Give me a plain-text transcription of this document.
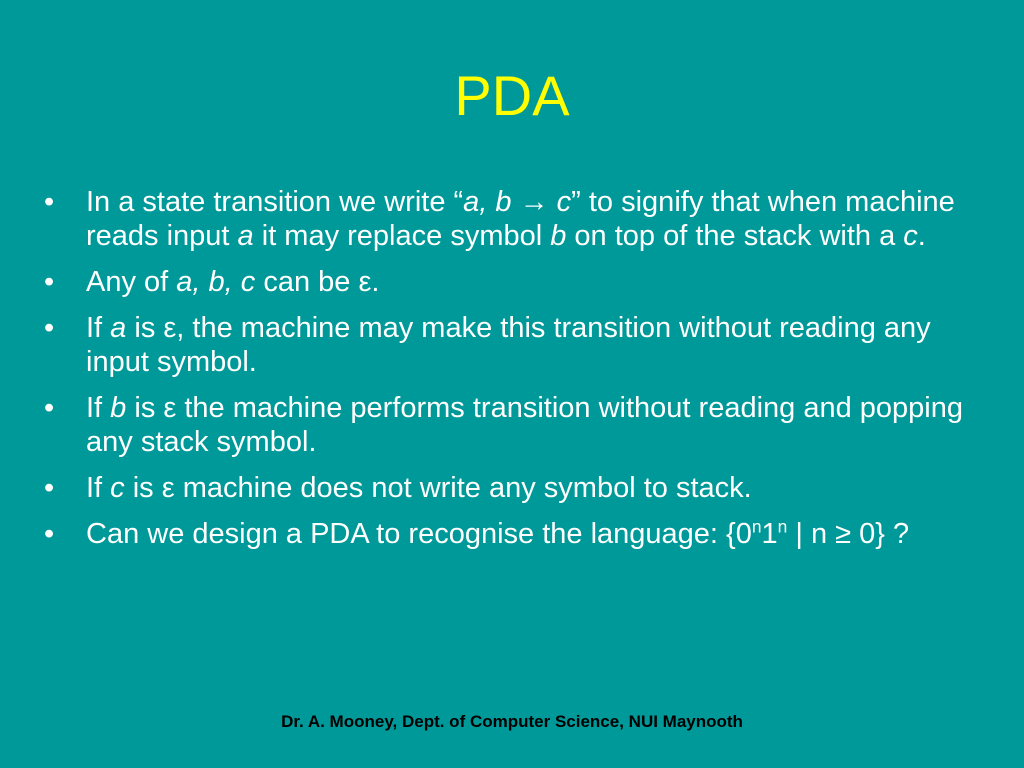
PDA
• In a state transition we write “a, b → c” to signify that when machine reads input a it may replace symbol b on top of the stack with a c.
• Any of a, b, c can be ε.
• If a is ε, the machine may make this transition without reading any input symbol.
• If b is ε the machine performs transition without reading and popping any stack symbol.
• If c is ε machine does not write any symbol to stack.
• Can we design a PDA to recognise the language: {0$^n$1$^n$ | n ≥ 0} ?
Dr. A. Mooney, Dept. of Computer Science, NUI Maynooth
